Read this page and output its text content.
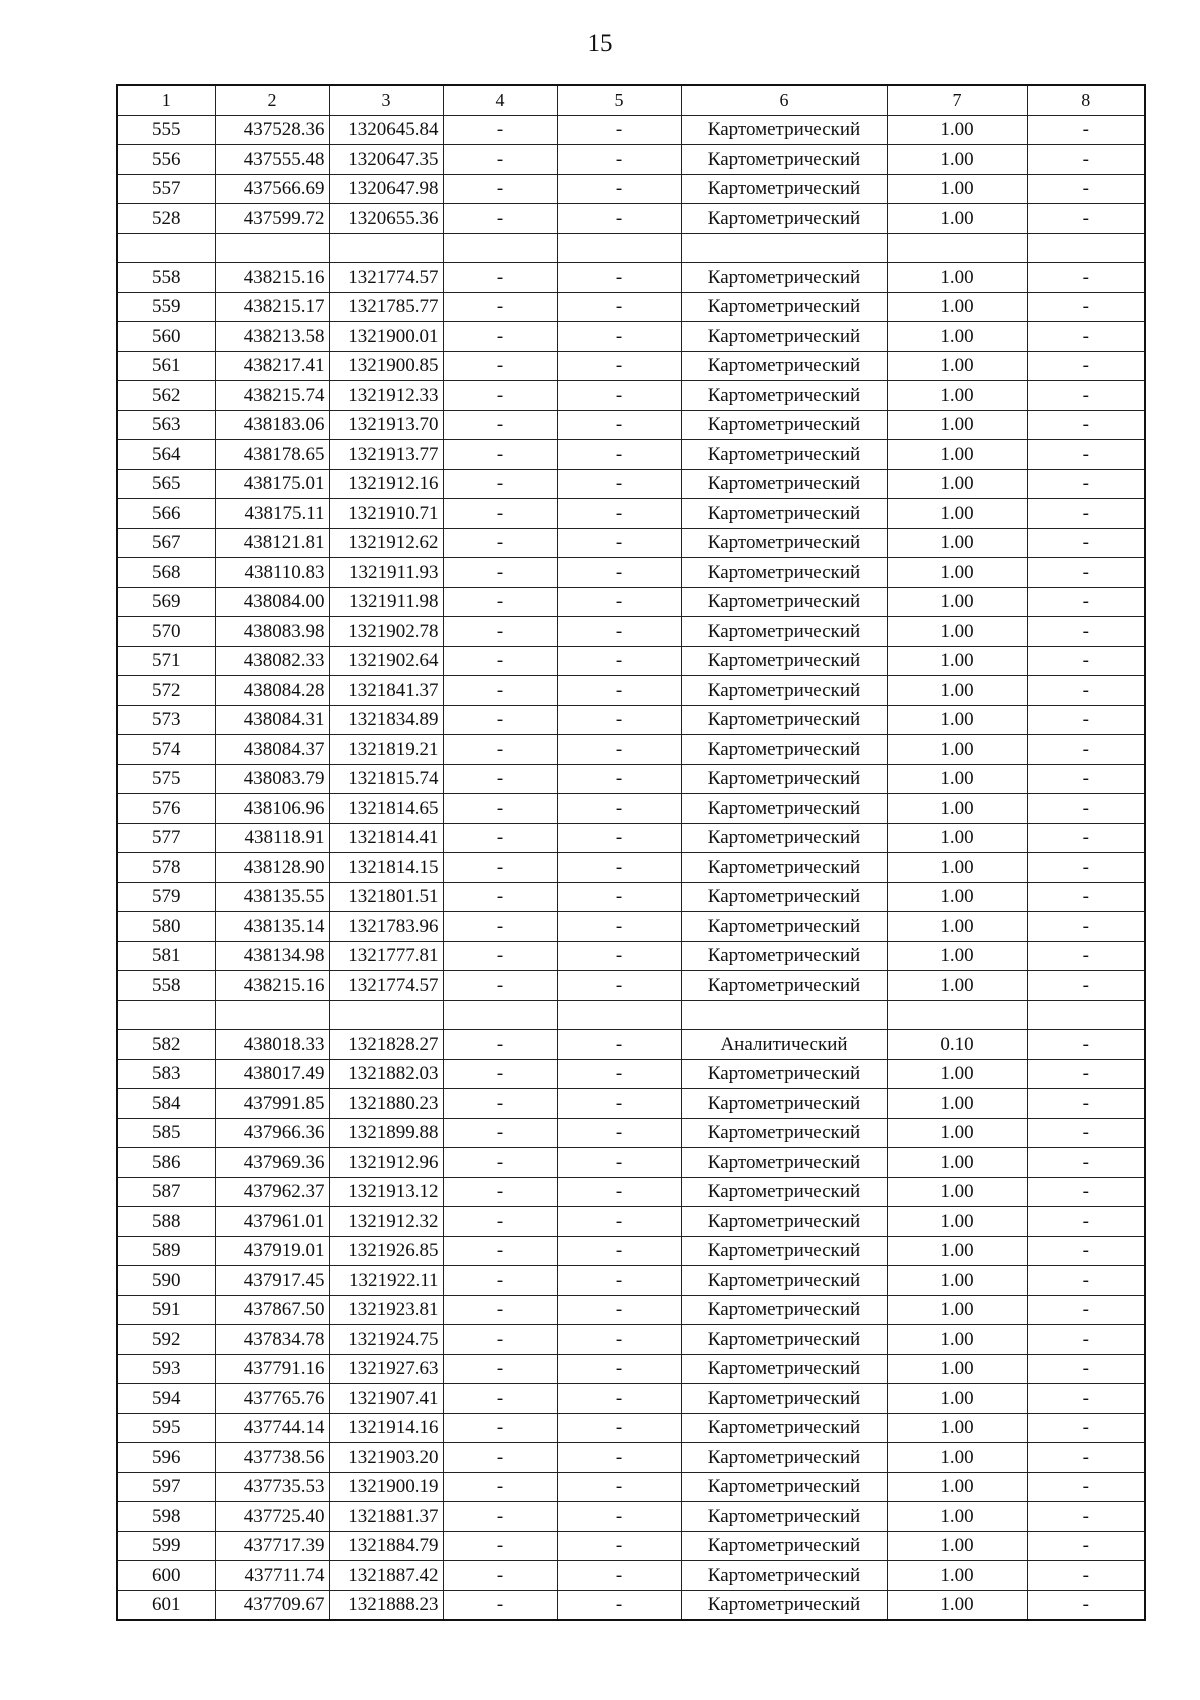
15
1	2	3	4	5	6	7	8
555	437528.36	1320645.84	-	-	Картометрический	1.00	-
556	437555.48	1320647.35	-	-	Картометрический	1.00	-
557	437566.69	1320647.98	-	-	Картометрический	1.00	-
528	437599.72	1320655.36	-	-	Картометрический	1.00	-

558	438215.16	1321774.57	-	-	Картометрический	1.00	-
559	438215.17	1321785.77	-	-	Картометрический	1.00	-
560	438213.58	1321900.01	-	-	Картометрический	1.00	-
561	438217.41	1321900.85	-	-	Картометрический	1.00	-
562	438215.74	1321912.33	-	-	Картометрический	1.00	-
563	438183.06	1321913.70	-	-	Картометрический	1.00	-
564	438178.65	1321913.77	-	-	Картометрический	1.00	-
565	438175.01	1321912.16	-	-	Картометрический	1.00	-
566	438175.11	1321910.71	-	-	Картометрический	1.00	-
567	438121.81	1321912.62	-	-	Картометрический	1.00	-
568	438110.83	1321911.93	-	-	Картометрический	1.00	-
569	438084.00	1321911.98	-	-	Картометрический	1.00	-
570	438083.98	1321902.78	-	-	Картометрический	1.00	-
571	438082.33	1321902.64	-	-	Картометрический	1.00	-
572	438084.28	1321841.37	-	-	Картометрический	1.00	-
573	438084.31	1321834.89	-	-	Картометрический	1.00	-
574	438084.37	1321819.21	-	-	Картометрический	1.00	-
575	438083.79	1321815.74	-	-	Картометрический	1.00	-
576	438106.96	1321814.65	-	-	Картометрический	1.00	-
577	438118.91	1321814.41	-	-	Картометрический	1.00	-
578	438128.90	1321814.15	-	-	Картометрический	1.00	-
579	438135.55	1321801.51	-	-	Картометрический	1.00	-
580	438135.14	1321783.96	-	-	Картометрический	1.00	-
581	438134.98	1321777.81	-	-	Картометрический	1.00	-
558	438215.16	1321774.57	-	-	Картометрический	1.00	-

582	438018.33	1321828.27	-	-	Аналитический	0.10	-
583	438017.49	1321882.03	-	-	Картометрический	1.00	-
584	437991.85	1321880.23	-	-	Картометрический	1.00	-
585	437966.36	1321899.88	-	-	Картометрический	1.00	-
586	437969.36	1321912.96	-	-	Картометрический	1.00	-
587	437962.37	1321913.12	-	-	Картометрический	1.00	-
588	437961.01	1321912.32	-	-	Картометрический	1.00	-
589	437919.01	1321926.85	-	-	Картометрический	1.00	-
590	437917.45	1321922.11	-	-	Картометрический	1.00	-
591	437867.50	1321923.81	-	-	Картометрический	1.00	-
592	437834.78	1321924.75	-	-	Картометрический	1.00	-
593	437791.16	1321927.63	-	-	Картометрический	1.00	-
594	437765.76	1321907.41	-	-	Картометрический	1.00	-
595	437744.14	1321914.16	-	-	Картометрический	1.00	-
596	437738.56	1321903.20	-	-	Картометрический	1.00	-
597	437735.53	1321900.19	-	-	Картометрический	1.00	-
598	437725.40	1321881.37	-	-	Картометрический	1.00	-
599	437717.39	1321884.79	-	-	Картометрический	1.00	-
600	437711.74	1321887.42	-	-	Картометрический	1.00	-
601	437709.67	1321888.23	-	-	Картометрический	1.00	-
